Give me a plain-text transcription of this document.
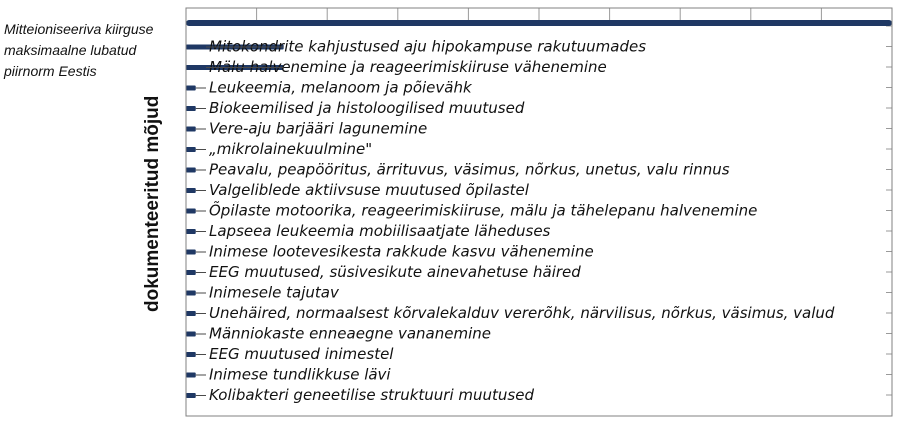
Mitteioniseeriva kiirguse
maksimaalne lubatud
piirnorm Eestis
dokumenteeritud mõjud
Mitokondrite kahjustused aju hipokampuse rakutuumades
Mälu halvenemine ja reageerimiskiiruse vähenemine
Leukeemia, melanoom ja põievähk
Biokeemilised ja histoloogilised muutused
Vere-aju barjääri lagunemine
„mikrolainekuulmine"
Peavalu, peapööritus, ärrituvus, väsimus, nõrkus, unetus, valu rinnus
Valgeliblede aktiivsuse muutused õpilastel
Õpilaste motoorika, reageerimiskiiruse, mälu ja tähelepanu halvenemine
Lapseea leukeemia mobiilisaatjate läheduses
Inimese lootevesikesta rakkude kasvu vähenemine
EEG muutused, süsivesikute ainevahetuse häired
Inimesele tajutav
Unehäired, normaalsest kõrvalekalduv vererõhk, närvilisus, nõrkus, väsimus, valud
Männiokaste enneaegne vananemine
EEG muutused inimestel
Inimese tundlikkuse lävi
Kolibakteri geneetilise struktuuri muutused
